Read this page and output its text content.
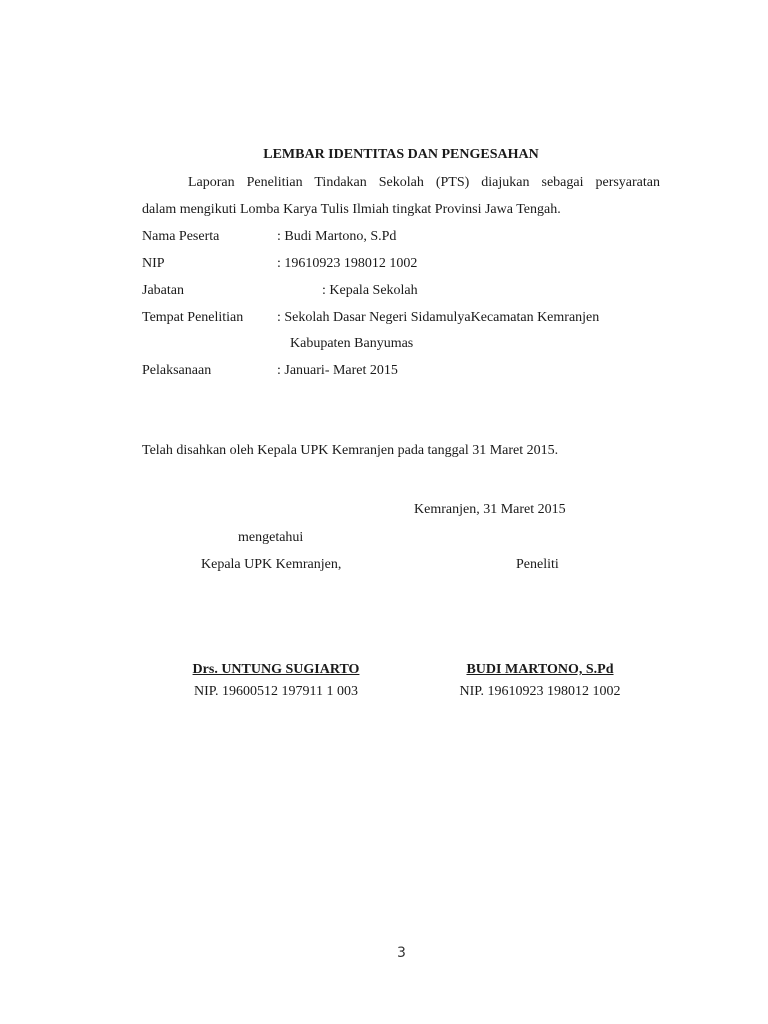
LEMBAR IDENTITAS DAN PENGESAHAN
Laporan Penelitian Tindakan Sekolah (PTS) diajukan sebagai persyaratan
dalam mengikuti Lomba Karya Tulis Ilmiah tingkat Provinsi Jawa Tengah.
Nama Peserta	: Budi Martono, S.Pd
NIP	: 19610923 198012 1002
Jabatan	: Kepala Sekolah
Tempat Penelitian : Sekolah Dasar Negeri SidamulyaKecamatan Kemranjen
Kabupaten Banyumas
Pelaksanaan	: Januari- Maret 2015
Telah disahkan oleh Kepala UPK Kemranjen pada tanggal 31 Maret 2015.
Kemranjen, 31 Maret 2015
mengetahui
Kepala UPK Kemranjen,	Peneliti
Drs. UNTUNG SUGIARTO	BUDI MARTONO, S.Pd
NIP. 19600512 197911 1 003	NIP. 19610923 198012 1002
3
